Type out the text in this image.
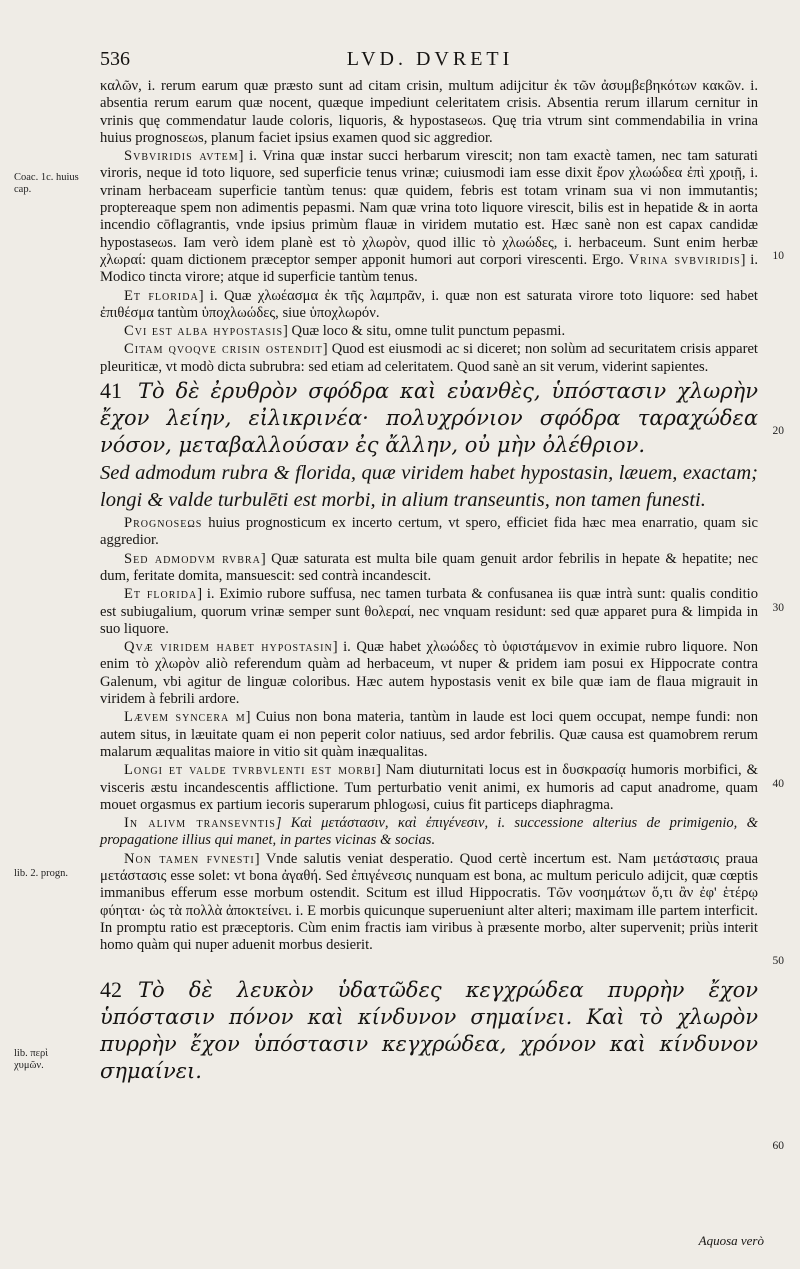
536	LVD. DVRETI
Coac. 1c. huius cap.
lib. 2. progn.
lib. περὶ χυμῶν.
10
20
30
40
50
60

καλῶν, i. rerum earum quæ præsto sunt ad citam crisin, multum adijcitur ἐκ τῶν ἀσυμβεβηκότων κακῶν. i. absentia rerum earum quæ nocent, quæque impediunt celeritatem crisis. Absentia rerum illarum cernitur in vrinis quę commendatur laude coloris, liquoris, & hypostaseωs. Quę tria vtrum sint commendabilia in vrina huius prognosεωs, planum faciet ipsius examen quod sic aggredior.

Svbviridis avtem] i. Vrina quæ instar succi herbarum virescit; non tam exactè tamen, nec tam saturati viroris, neque id toto liquore, sed superficie tenus vrinæ; cuiusmodi iam esse dixit ἔρον χλωώδεα ἐπὶ χροιῇ, i. vrinam herbaceam superficie tantùm tenus: quæ quidem, febris est totam vrinam sua vi non immutantis; proptereaque spem non adimentis pepasmi. Nam quæ vrina toto liquore virescit, bilis est in hepatide & in aorta incendio cōflagrantis, vnde ipsius primùm flauæ in viridem mutatio est. Hæc sanè non est capax candidæ hypostaseωs. Iam verò idem planè est τὸ χλωρὸν, quod illic τὸ χλωώδες, i. herbaceum. Sunt enim herbæ χλωραί: quam dictionem præceptor semper apponit humori aut corpori virescenti. Ergo. Vrina svbviridis] i. Modico tincta virore; atque id superficie tantùm tenus.

Et florida] i. Quæ χλωέασμα ἐκ τῆς λαμπρᾶν, i. quæ non est saturata virore toto liquore: sed habet ἐπιθέσμα tantùm ὑποχλωώδες, siue ὑποχλωρόν.

Cvi est alba hypostasis] Quæ loco & situ, omne tulit punctum pepasmi.

Citam qvoqve crisin ostendit] Quod est eiusmodi ac si diceret; non solùm ad securitatem crisis apparet pleuriticæ, vt modò dicta subrubra: sed etiam ad celeritatem. Quod sanè an sit verum, viderint sapientes.

41 Τὸ δὲ ἐρυθρὸν σφόδρα καὶ εὐανθὲς, ὑπόστασιν χλωρὴν ἔχον λείην, εἰλικρινέα· πολυχρόνιον σφόδρα ταραχώδεα νόσον, μεταβαλλούσαν ἐς ἄλλην, οὐ μὴν ὀλέθριον.

Sed admodum rubra & florida, quæ viridem habet hypostasin, læuem, exactam; longi & valde turbulēti est morbi, in alium transeuntis, non tamen funesti.

Prognoseωs huius prognosticum ex incerto certum, vt spero, efficiet fida hæc mea enarratio, quam sic aggredior.

Sed admodvm rvbra] Quæ saturata est multa bile quam genuit ardor febrilis in hepate & hepatite; nec dum, feritate domita, mansuescit: sed contrà incandescit.

Et florida] i. Eximio rubore suffusa, nec tamen turbata & confusanea iis quæ intrà sunt: qualis conditio est subiugalium, quorum vrinæ semper sunt θολεραί, nec vnquam residunt: sed quæ apparet pura & limpida in suo liquore.

Qvæ viridem habet hypostasin] i. Quæ habet χλωώδες τὸ ὑφιστάμενον in eximie rubro liquore. Non enim τὸ χλωρὸν aliò referendum quàm ad herbaceum, vt nuper & pridem iam posui ex Hippocrate contra Galenum, vbi agitur de linguæ coloribus. Hæc autem hypostasis venit ex bile quæ iam de flaua migrauit in viridem à febrili ardore.

Lævem syncera m] Cuius non bona materia, tantùm in laude est loci quem occupat, nempe fundi: non autem situs, in læuitate quam ei non peperit color natiuus, sed ardor febrilis. Quæ causa est quamobrem rerum malarum æqualitas maiore in vitio sit quàm inæqualitas.

Longi et valde tvrbvlenti est morbi] Nam diuturnitati locus est in δυσκρασίᾳ humoris morbifici, & visceris æstu incandescentis afflictione. Tum perturbatio venit animi, ex humoris ad caput anadrome, quam mouet orgasmus ex partium iecoris superarum phlogωsi, cuius fit particeps diaphragma.

In alivm transevntis] Καὶ μετάστασιν, καὶ ἐπιγένεσιν, i. successione alterius de primigenio, & propagatione illius qui manet, in partes vicinas & socias.

Non tamen fvnesti] Vnde salutis veniat desperatio. Quod certè incertum est. Nam μετάστασις praua μετάστασις esse solet: vt bona ἀγαθή. Sed ἐπιγένεσις nunquam est bona, ac multum periculo adijcit, quæ cœptis immanibus efferum esse morbum ostendit. Scitum est illud Hippocratis. Τῶν νοσημάτων ὅ,τι ἂν ἐφ' ἑτέρῳ φύηται· ὡς τὰ πολλὰ ἀποκτείνει. i. E morbis quicunque superueniunt alter alteri; maximam ille partem interficit. In promptu ratio est præceptoris. Cùm enim fractis iam viribus à præsente morbo, alter supervenit; priùs interit homo quàm qui nuper aduenit morbus desierit.

42 Τὸ δὲ λευκὸν ὑδατῶδες κεγχρώδεα πυρρὴν ἔχον ὑπόστασιν πόνον καὶ κίνδυνον σημαίνει. Καὶ τὸ χλωρὸν πυρρὴν ἔχον ὑπόστασιν κεγχρώδεα, χρόνον καὶ κίνδυνον σημαίνει.

Aquosa verò
